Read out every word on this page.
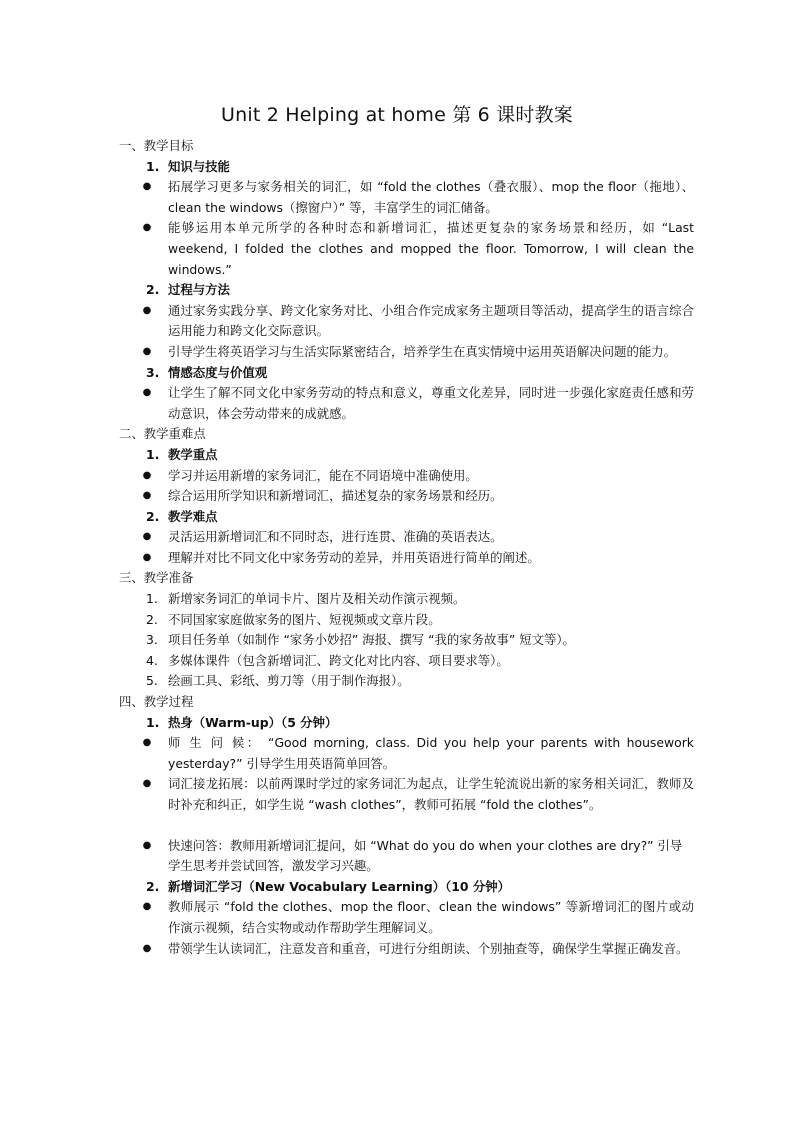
Unit 2 Helping at home 第 6 课时教案
一、教学目标
1. 知识与技能
● 拓展学习更多与家务相关的词汇，如 “fold the clothes（叠衣服）、mop the floor（拖地）、clean the windows（擦窗户）” 等，丰富学生的词汇储备。
● 能够运用本单元所学的各种时态和新增词汇，描述更复杂的家务场景和经历，如 “Last weekend, I folded the clothes and mopped the floor. Tomorrow, I will clean the windows.”
2. 过程与方法
● 通过家务实践分享、跨文化家务对比、小组合作完成家务主题项目等活动，提高学生的语言综合运用能力和跨文化交际意识。
● 引导学生将英语学习与生活实际紧密结合，培养学生在真实情境中运用英语解决问题的能力。
3. 情感态度与价值观
● 让学生了解不同文化中家务劳动的特点和意义，尊重文化差异，同时进一步强化家庭责任感和劳动意识，体会劳动带来的成就感。
二、教学重难点
1. 教学重点
● 学习并运用新增的家务词汇，能在不同语境中准确使用。
● 综合运用所学知识和新增词汇，描述复杂的家务场景和经历。
2. 教学难点
● 灵活运用新增词汇和不同时态，进行连贯、准确的英语表达。
● 理解并对比不同文化中家务劳动的差异，并用英语进行简单的阐述。
三、教学准备
1. 新增家务词汇的单词卡片、图片及相关动作演示视频。
2. 不同国家家庭做家务的图片、短视频或文章片段。
3. 项目任务单（如制作 “家务小妙招” 海报、撰写 “我的家务故事” 短文等）。
4. 多媒体课件（包含新增词汇、跨文化对比内容、项目要求等）。
5. 绘画工具、彩纸、剪刀等（用于制作海报）。
四、教学过程
1. 热身（Warm-up）（5 分钟）
● 师 生 问 候： “Good morning, class. Did you help your parents with housework yesterday?” 引导学生用英语简单回答。
● 词汇接龙拓展：以前两课时学过的家务词汇为起点，让学生轮流说出新的家务相关词汇，教师及时补充和纠正，如学生说 “wash clothes”，教师可拓展 “fold the clothes”。
● 快速问答：教师用新增词汇提问，如 “What do you do when your clothes are dry?” 引导学生思考并尝试回答，激发学习兴趣。
2. 新增词汇学习（New Vocabulary Learning）（10 分钟）
● 教师展示 “fold the clothes、mop the floor、clean the windows” 等新增词汇的图片或动作演示视频，结合实物或动作帮助学生理解词义。
● 带领学生认读词汇，注意发音和重音，可进行分组朗读、个别抽查等，确保学生掌握正确发音。
